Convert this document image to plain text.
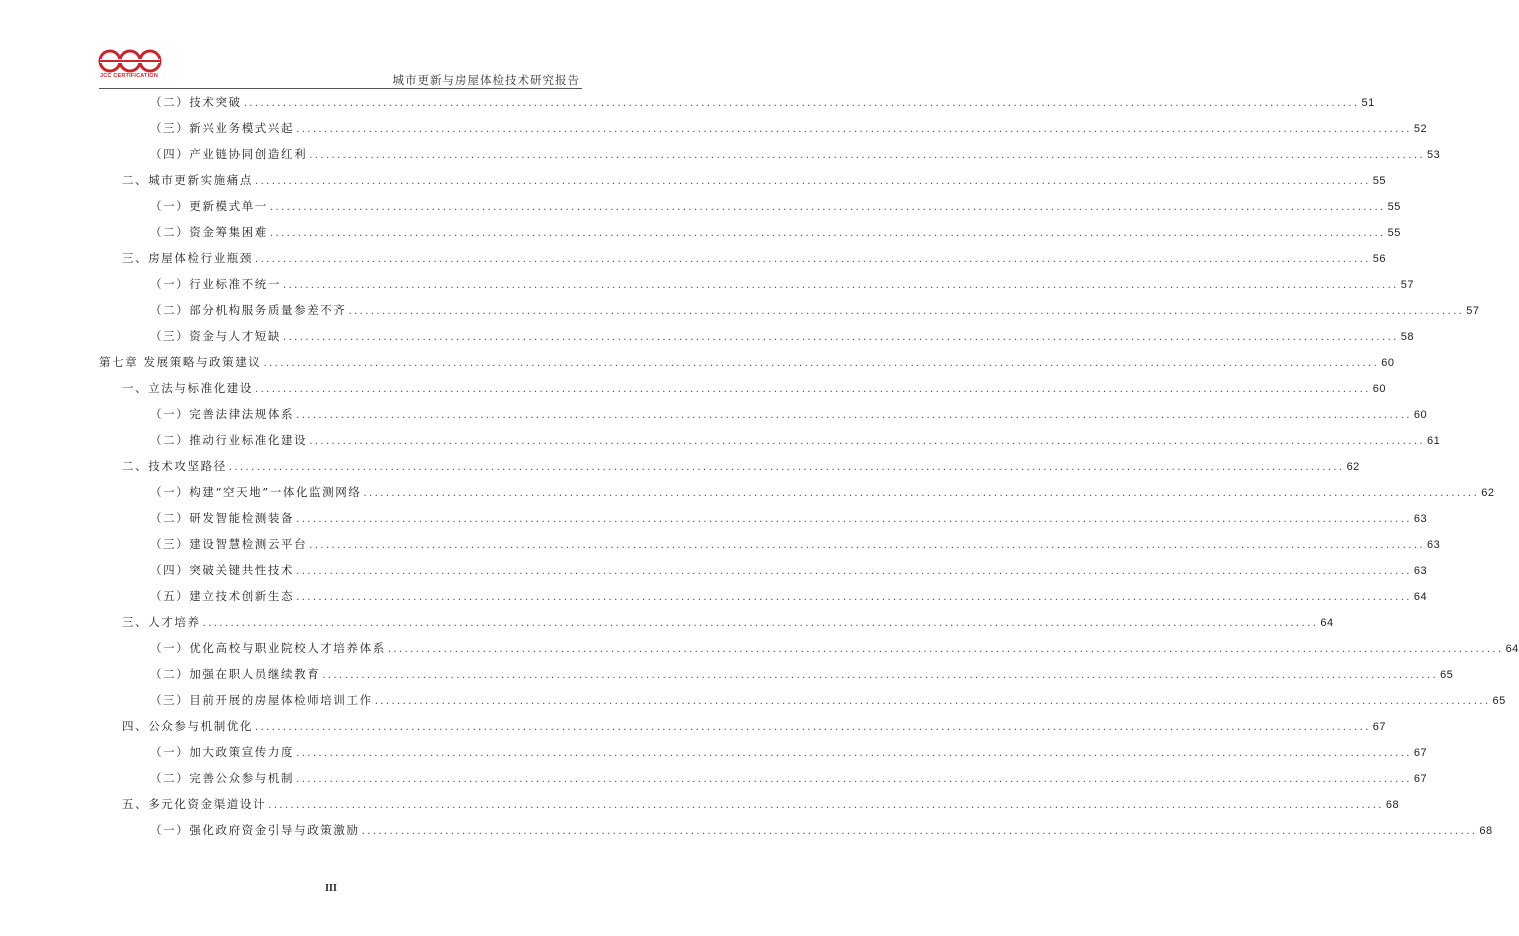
JCC CERTIFICATION	城市更新与房屋体检技术研究报告
（二）技术突破 ........................................................................................................................................................................................................ 51
（三）新兴业务模式兴起 ........................................................................................................................................................................................................ 52
（四）产业链协同创造红利 ........................................................................................................................................................................................................ 53
二、城市更新实施痛点 ........................................................................................................................................................................................................ 55
（一）更新模式单一 ........................................................................................................................................................................................................ 55
（二）资金筹集困难 ........................................................................................................................................................................................................ 55
三、房屋体检行业瓶颈 ........................................................................................................................................................................................................ 56
（一）行业标准不统一 ........................................................................................................................................................................................................ 57
（二）部分机构服务质量参差不齐 ........................................................................................................................................................................................................ 57
（三）资金与人才短缺 ........................................................................................................................................................................................................ 58
第七章 发展策略与政策建议 ........................................................................................................................................................................................................ 60
一、立法与标准化建设 ........................................................................................................................................................................................................ 60
（一）完善法律法规体系 ........................................................................................................................................................................................................ 60
（二）推动行业标准化建设 ........................................................................................................................................................................................................ 61
二、技术攻坚路径 ........................................................................................................................................................................................................ 62
（一）构建“空天地”一体化监测网络 ........................................................................................................................................................................................................ 62
（二）研发智能检测装备 ........................................................................................................................................................................................................ 63
（三）建设智慧检测云平台 ........................................................................................................................................................................................................ 63
（四）突破关键共性技术 ........................................................................................................................................................................................................ 63
（五）建立技术创新生态 ........................................................................................................................................................................................................ 64
三、人才培养 ........................................................................................................................................................................................................ 64
（一）优化高校与职业院校人才培养体系 ........................................................................................................................................................................................................ 64
（二）加强在职人员继续教育 ........................................................................................................................................................................................................ 65
（三）目前开展的房屋体检师培训工作 ........................................................................................................................................................................................................ 65
四、公众参与机制优化 ........................................................................................................................................................................................................ 67
（一）加大政策宣传力度 ........................................................................................................................................................................................................ 67
（二）完善公众参与机制 ........................................................................................................................................................................................................ 67
五、多元化资金渠道设计 ........................................................................................................................................................................................................ 68
（一）强化政府资金引导与政策激励 ........................................................................................................................................................................................................ 68
III
